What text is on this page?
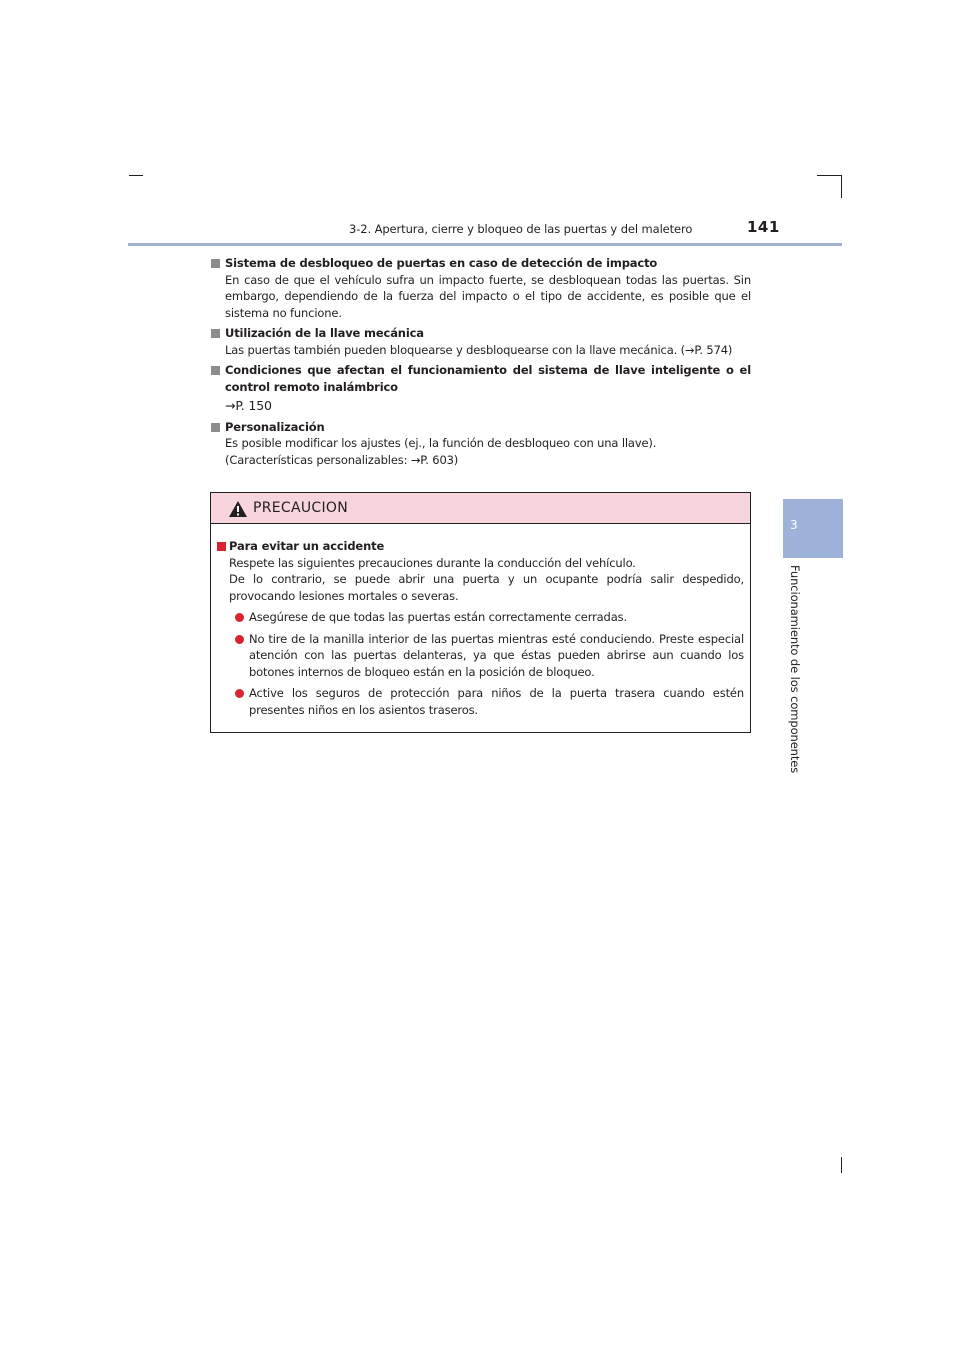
3-2. Apertura, cierre y bloqueo de las puertas y del maletero	141
3
Funcionamiento de los componentes
Sistema de desbloqueo de puertas en caso de detección de impacto
En caso de que el vehículo sufra un impacto fuerte, se desbloquean todas las puertas. Sin embargo, dependiendo de la fuerza del impacto o el tipo de accidente, es posible que el sistema no funcione.
Utilización de la llave mecánica
Las puertas también pueden bloquearse y desbloquearse con la llave mecánica. (→P. 574)
Condiciones que afectan el funcionamiento del sistema de llave inteligente o el control remoto inalámbrico
→P. 150
Personalización
Es posible modificar los ajustes (ej., la función de desbloqueo con una llave).
(Características personalizables: →P. 603)
PRECAUCION
Para evitar un accidente
Respete las siguientes precauciones durante la conducción del vehículo.
De lo contrario, se puede abrir una puerta y un ocupante podría salir despedido, provocando lesiones mortales o severas.
Asegúrese de que todas las puertas están correctamente cerradas.
No tire de la manilla interior de las puertas mientras esté conduciendo. Preste especial atención con las puertas delanteras, ya que éstas pueden abrirse aun cuando los botones internos de bloqueo están en la posición de bloqueo.
Active los seguros de protección para niños de la puerta trasera cuando estén presentes niños en los asientos traseros.
